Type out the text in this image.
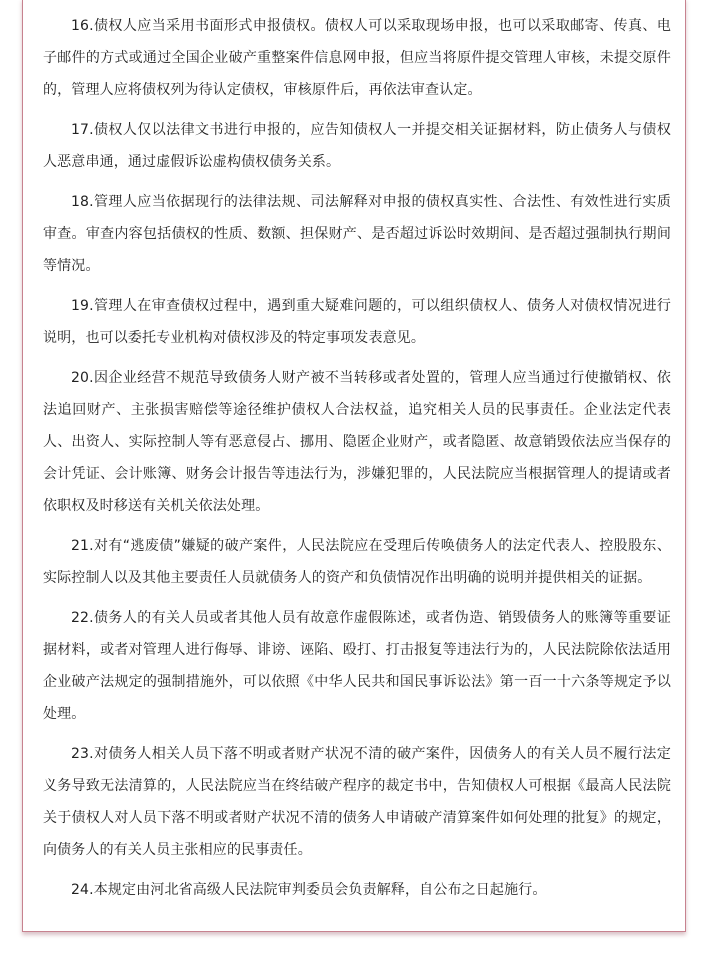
16.债权人应当采用书面形式申报债权。债权人可以采取现场申报，也可以采取邮寄、传真、电子邮件的方式或通过全国企业破产重整案件信息网申报，但应当将原件提交管理人审核，未提交原件的，管理人应将债权列为待认定债权，审核原件后，再依法审查认定。

17.债权人仅以法律文书进行申报的，应告知债权人一并提交相关证据材料，防止债务人与债权人恶意串通，通过虚假诉讼虚构债权债务关系。

18.管理人应当依据现行的法律法规、司法解释对申报的债权真实性、合法性、有效性进行实质审查。审查内容包括债权的性质、数额、担保财产、是否超过诉讼时效期间、是否超过强制执行期间等情况。

19.管理人在审查债权过程中，遇到重大疑难问题的，可以组织债权人、债务人对债权情况进行说明，也可以委托专业机构对债权涉及的特定事项发表意见。

20.因企业经营不规范导致债务人财产被不当转移或者处置的，管理人应当通过行使撤销权、依法追回财产、主张损害赔偿等途径维护债权人合法权益，追究相关人员的民事责任。企业法定代表人、出资人、实际控制人等有恶意侵占、挪用、隐匿企业财产，或者隐匿、故意销毁依法应当保存的会计凭证、会计账簿、财务会计报告等违法行为，涉嫌犯罪的，人民法院应当根据管理人的提请或者依职权及时移送有关机关依法处理。

21.对有“逃废债”嫌疑的破产案件，人民法院应在受理后传唤债务人的法定代表人、控股股东、实际控制人以及其他主要责任人员就债务人的资产和负债情况作出明确的说明并提供相关的证据。

22.债务人的有关人员或者其他人员有故意作虚假陈述，或者伪造、销毁债务人的账簿等重要证据材料，或者对管理人进行侮辱、诽谤、诬陷、殴打、打击报复等违法行为的，人民法院除依法适用企业破产法规定的强制措施外，可以依照《中华人民共和国民事诉讼法》第一百一十六条等规定予以处理。

23.对债务人相关人员下落不明或者财产状况不清的破产案件，因债务人的有关人员不履行法定义务导致无法清算的，人民法院应当在终结破产程序的裁定书中，告知债权人可根据《最高人民法院关于债权人对人员下落不明或者财产状况不清的债务人申请破产清算案件如何处理的批复》的规定，向债务人的有关人员主张相应的民事责任。

24.本规定由河北省高级人民法院审判委员会负责解释，自公布之日起施行。
